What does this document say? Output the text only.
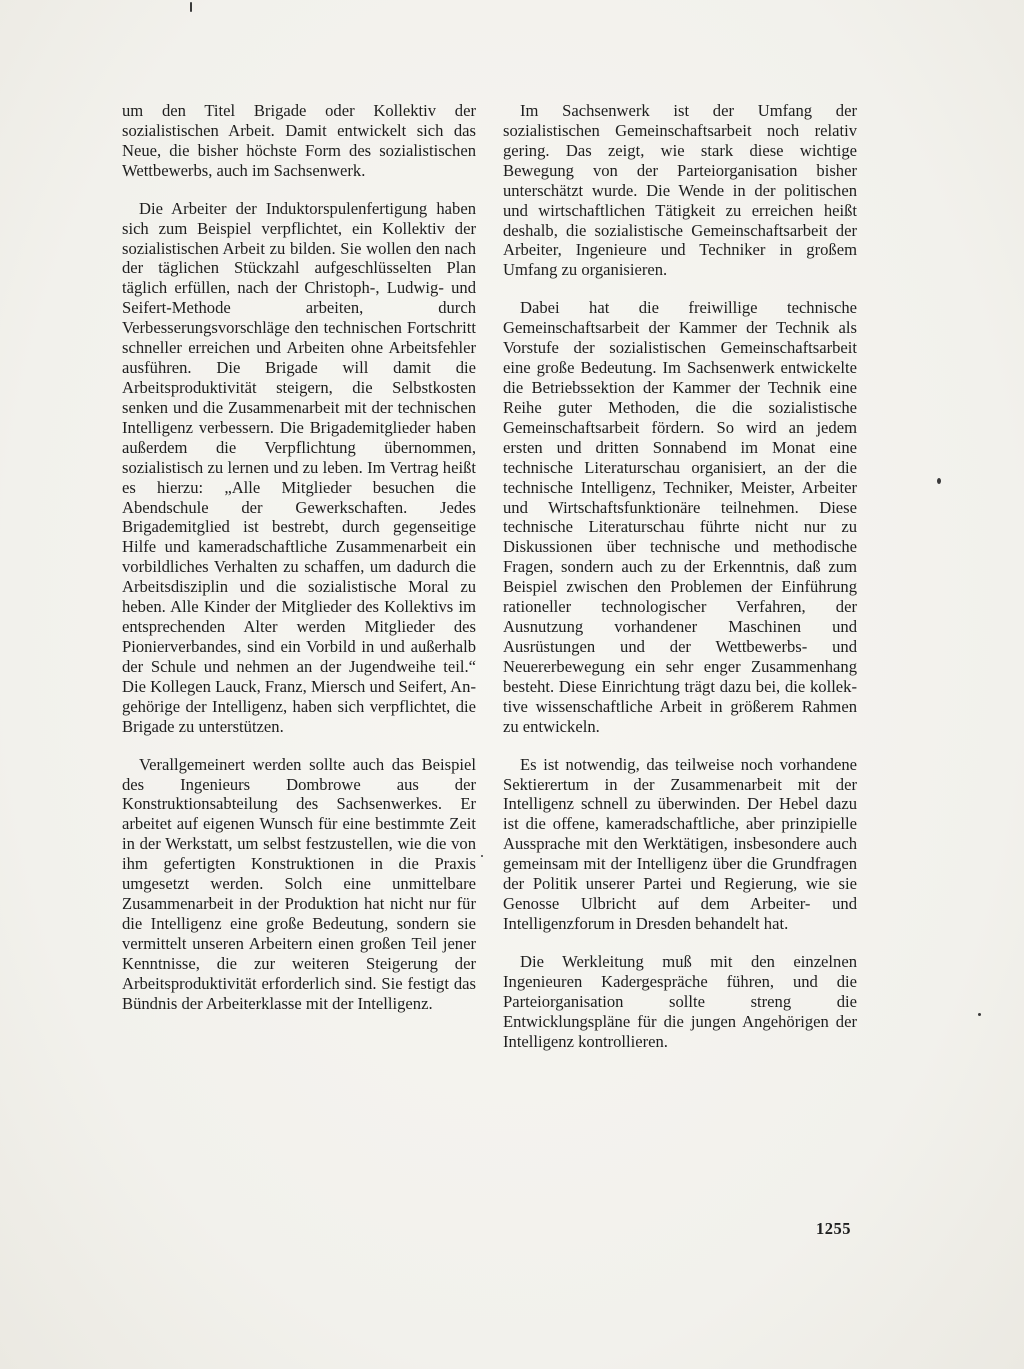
um den Titel Brigade oder Kollektiv der sozialistischen Arbeit. Damit entwickelt sich das Neue, die bisher höchste Form des sozialistischen Wettbewerbs, auch im Sachsenwerk.

Die Arbeiter der Induktorspulenfertigung haben sich zum Beispiel verpflichtet, ein Kollektiv der sozialistischen Arbeit zu bilden. Sie wollen den nach der täglichen Stückzahl aufgeschlüsselten Plan täglich erfüllen, nach der Christoph-, Ludwig- und Seifert-Methode arbeiten, durch Verbesserungsvorschläge den technischen Fortschritt schneller erreichen und Arbeiten ohne Arbeitsfehler ausführen. Die Brigade will damit die Arbeitsproduktivität steigern, die Selbstkosten senken und die Zusammenarbeit mit der technischen Intelligenz verbessern. Die Brigademitglieder haben außerdem die Verpflichtung übernommen, sozialistisch zu lernen und zu leben. Im Vertrag heißt es hierzu: „Alle Mitglieder besuchen die Abendschule der Gewerkschaften. Jedes Brigademitglied ist bestrebt, durch gegenseitige Hilfe und kameradschaftliche Zusammenarbeit ein vorbildliches Verhalten zu schaffen, um dadurch die Arbeitsdisziplin und die sozialistische Moral zu heben. Alle Kinder der Mitglieder des Kollektivs im entsprechenden Alter werden Mitglieder des Pionierverbandes, sind ein Vorbild in und außerhalb der Schule und nehmen an der Jugendweihe teil.“ Die Kollegen Lauck, Franz, Miersch und Seifert, Angehörige der Intelligenz, haben sich verpflichtet, die Brigade zu unterstützen.

Verallgemeinert werden sollte auch das Beispiel des Ingenieurs Dombrowe aus der Konstruktionsabteilung des Sachsenwerkes. Er arbeitet auf eigenen Wunsch für eine bestimmte Zeit in der Werkstatt, um selbst festzustellen, wie die von ihm gefertigten Konstruktionen in die Praxis umgesetzt werden. Solch eine unmittelbare Zusammenarbeit in der Produktion hat nicht nur für die Intelligenz eine große Bedeutung, sondern sie vermittelt unseren Arbeitern einen großen Teil jener Kenntnisse, die zur weiteren Steigerung der Arbeitsproduktivität erforderlich sind. Sie festigt das Bündnis der Arbeiterklasse mit der Intelligenz.

Im Sachsenwerk ist der Umfang der sozialistischen Gemeinschaftsarbeit noch relativ gering. Das zeigt, wie stark diese wichtige Bewegung von der Parteiorganisation bisher unterschätzt wurde. Die Wende in der politischen und wirtschaftlichen Tätigkeit zu erreichen heißt deshalb, die sozialistische Gemeinschaftsarbeit der Arbeiter, Ingenieure und Techniker in großem Umfang zu organisieren.

Dabei hat die freiwillige technische Gemeinschaftsarbeit der Kammer der Technik als Vorstufe der sozialistischen Gemeinschaftsarbeit eine große Bedeutung. Im Sachsenwerk entwickelte die Betriebssektion der Kammer der Technik eine Reihe guter Methoden, die die sozialistische Gemeinschaftsarbeit fördern. So wird an jedem ersten und dritten Sonnabend im Monat eine technische Literaturschau organisiert, an der die technische Intelligenz, Techniker, Meister, Arbeiter und Wirtschaftsfunktionäre teilnehmen. Diese technische Literaturschau führte nicht nur zu Diskussionen über technische und methodische Fragen, sondern auch zu der Erkenntnis, daß zum Beispiel zwischen den Problemen der Einführung rationeller technologischer Verfahren, der Ausnutzung vorhandener Maschinen und Ausrüstungen und der Wettbewerbs- und Neuererbewegung ein sehr enger Zusammenhang besteht. Diese Einrichtung trägt dazu bei, die kollektive wissenschaftliche Arbeit in größerem Rahmen zu entwickeln.

Es ist notwendig, das teilweise noch vorhandene Sektierertum in der Zusammenarbeit mit der Intelligenz schnell zu überwinden. Der Hebel dazu ist die offene, kameradschaftliche, aber prinzipielle Aussprache mit den Werktätigen, insbesondere auch gemeinsam mit der Intelligenz über die Grundfragen der Politik unserer Partei und Regierung, wie sie Genosse Ulbricht auf dem Arbeiter- und Intelligenzforum in Dresden behandelt hat.

Die Werkleitung muß mit den einzelnen Ingenieuren Kadergespräche führen, und die Parteiorganisation sollte streng die Entwicklungspläne für die jungen Angehörigen der Intelligenz kontrollieren.

1255
